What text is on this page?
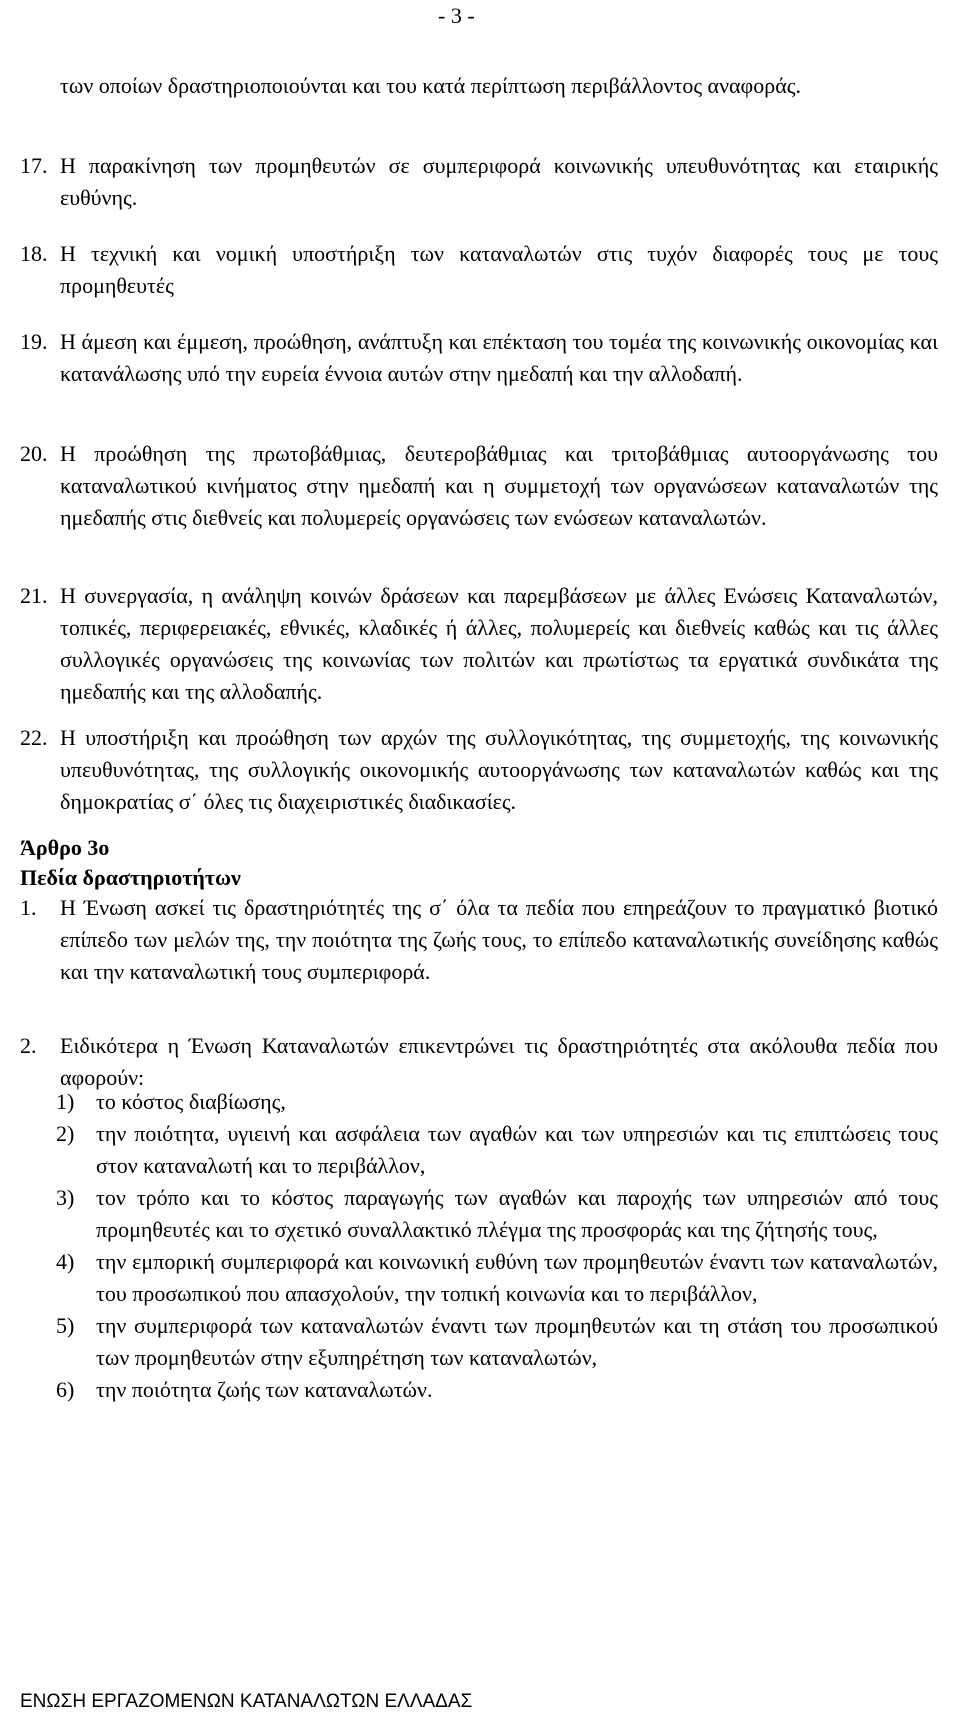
- 3 -
των οποίων δραστηριοποιούνται και του κατά περίπτωση περιβάλλοντος αναφοράς.
17. Η παρακίνηση των προμηθευτών σε συμπεριφορά κοινωνικής υπευθυνότητας και εταιρικής ευθύνης.
18. Η τεχνική και νομική υποστήριξη των καταναλωτών στις τυχόν διαφορές τους με τους προμηθευτές
19. Η άμεση και έμμεση, προώθηση, ανάπτυξη και επέκταση του τομέα της κοινωνικής οικονομίας και κατανάλωσης υπό την ευρεία έννοια αυτών στην ημεδαπή και την αλλοδαπή.
20. Η προώθηση της πρωτοβάθμιας, δευτεροβάθμιας και τριτοβάθμιας αυτοοργάνωσης του καταναλωτικού κινήματος στην ημεδαπή και η συμμετοχή των οργανώσεων καταναλωτών της ημεδαπής στις διεθνείς και πολυμερείς οργανώσεις των ενώσεων καταναλωτών.
21. Η συνεργασία, η ανάληψη κοινών δράσεων και παρεμβάσεων με άλλες Ενώσεις Καταναλωτών, τοπικές, περιφερειακές, εθνικές, κλαδικές ή άλλες, πολυμερείς και διεθνείς καθώς και τις άλλες συλλογικές οργανώσεις της κοινωνίας των πολιτών και πρωτίστως τα εργατικά συνδικάτα της ημεδαπής και της αλλοδαπής.
22. Η υποστήριξη και προώθηση των αρχών της συλλογικότητας, της συμμετοχής, της κοινωνικής υπευθυνότητας, της συλλογικής οικονομικής αυτοοργάνωσης των καταναλωτών καθώς και της δημοκρατίας σ΄ όλες τις διαχειριστικές διαδικασίες.
Άρθρο 3ο
Πεδία δραστηριοτήτων
1.	Η Ένωση ασκεί τις δραστηριότητές της σ΄ όλα τα πεδία που επηρεάζουν το πραγματικό βιοτικό επίπεδο των μελών της, την ποιότητα της ζωής τους, το επίπεδο καταναλωτικής συνείδησης καθώς και την καταναλωτική τους συμπεριφορά.
2.	Ειδικότερα η Ένωση Καταναλωτών επικεντρώνει τις δραστηριότητές στα ακόλουθα πεδία που αφορούν:
1) το κόστος διαβίωσης,
2) την ποιότητα, υγιεινή και ασφάλεια των αγαθών και των υπηρεσιών και τις επιπτώσεις τους στον καταναλωτή και το περιβάλλον,
3) τον τρόπο και το κόστος παραγωγής των αγαθών και παροχής των υπηρεσιών από τους προμηθευτές και το σχετικό συναλλακτικό πλέγμα της προσφοράς και της ζήτησής τους,
4) την εμπορική συμπεριφορά και κοινωνική ευθύνη των προμηθευτών έναντι των καταναλωτών, του προσωπικού που απασχολούν, την τοπική κοινωνία και το περιβάλλον,
5) την συμπεριφορά των καταναλωτών έναντι των προμηθευτών και τη στάση του προσωπικού των προμηθευτών στην εξυπηρέτηση των καταναλωτών,
6) την ποιότητα ζωής των καταναλωτών.
ΕΝΩΣΗ ΕΡΓΑΖΟΜΕΝΩΝ ΚΑΤΑΝΑΛΩΤΩΝ ΕΛΛΑΔΑΣ
